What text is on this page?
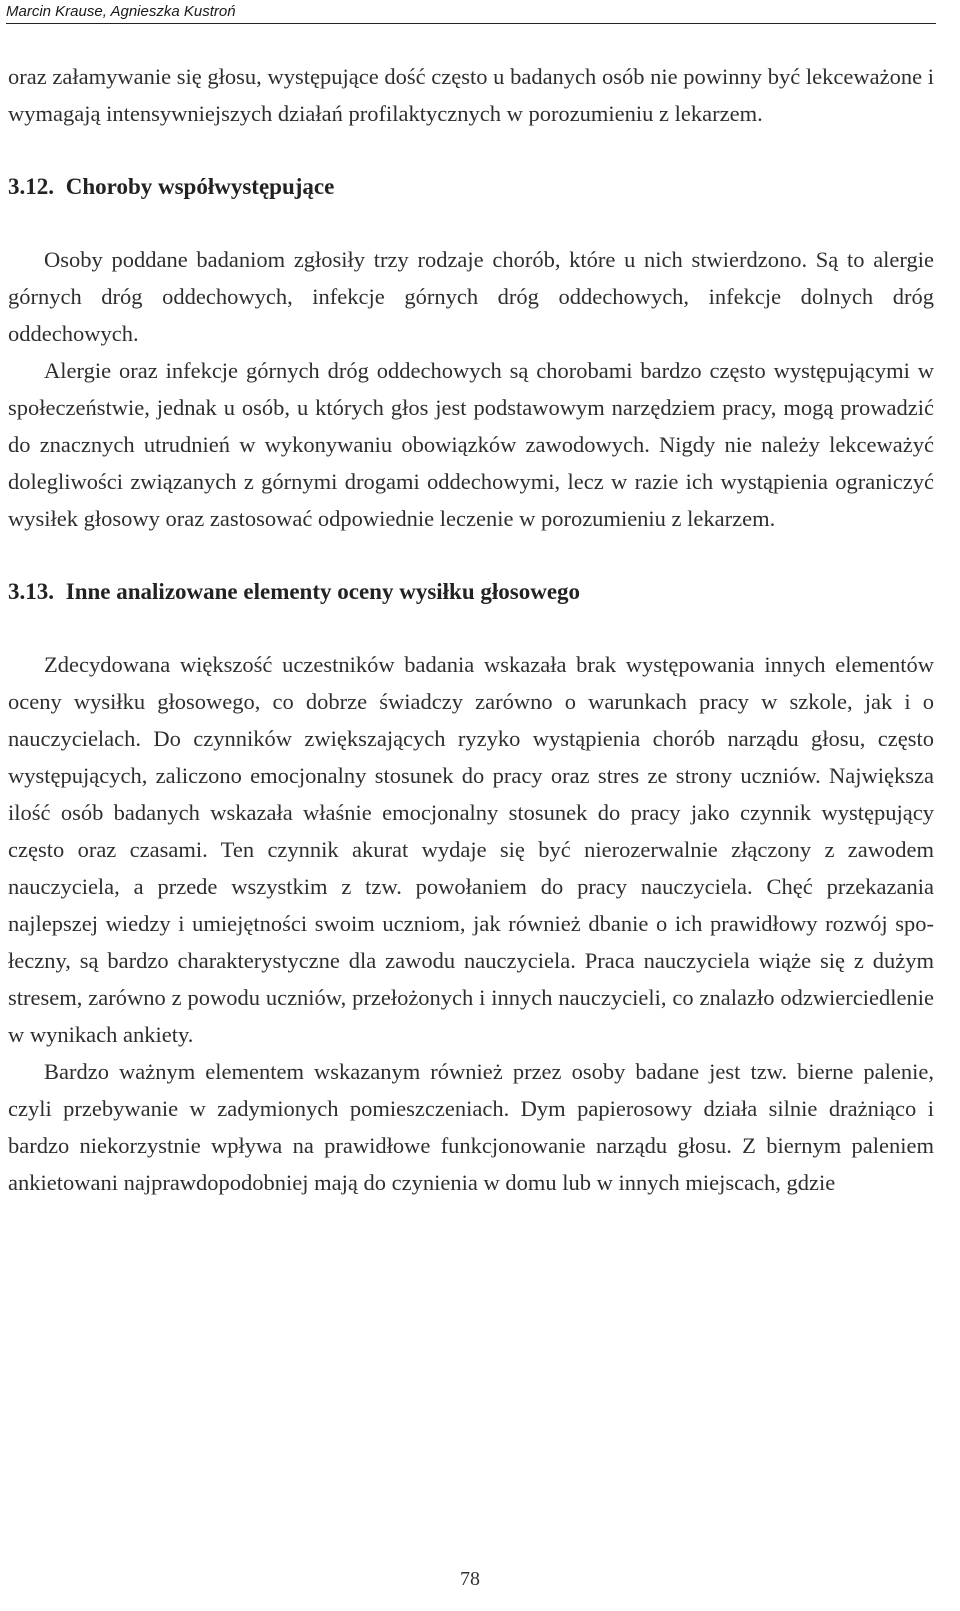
Marcin Krause, Agnieszka Kustroń

oraz załamywanie się głosu, występujące dość często u badanych osób nie powinny być lekceważone i wymagają intensywniejszych działań profilaktycznych w porozumieniu z lekarzem.

3.12. Choroby współwystępujące

Osoby poddane badaniom zgłosiły trzy rodzaje chorób, które u nich stwierdzono. Są to alergie górnych dróg oddechowych, infekcje górnych dróg oddechowych, infekcje dolnych dróg oddechowych.

Alergie oraz infekcje górnych dróg oddechowych są chorobami bardzo często występującymi w społeczeństwie, jednak u osób, u których głos jest podstawowym narzędziem pracy, mogą prowadzić do znacznych utrudnień w wykonywaniu obowiązków zawodowych. Nigdy nie należy lekceważyć dolegliwości związanych z górnymi drogami oddechowymi, lecz w razie ich wystąpienia ograniczyć wysiłek głosowy oraz zastosować odpowiednie leczenie w porozumieniu z lekarzem.

3.13. Inne analizowane elementy oceny wysiłku głosowego

Zdecydowana większość uczestników badania wskazała brak występowania innych elementów oceny wysiłku głosowego, co dobrze świadczy zarówno o warunkach pracy w szkole, jak i o nauczycielach. Do czynników zwiększających ryzyko wystąpienia chorób narządu głosu, często występujących, zaliczono emocjonalny stosunek do pracy oraz stres ze strony uczniów. Największa ilość osób badanych wskazała właśnie emocjonalny stosunek do pracy jako czynnik występujący często oraz czasami. Ten czynnik akurat wydaje się być nierozerwalnie złączony z zawodem nauczyciela, a przede wszystkim z tzw. powołaniem do pracy nauczyciela. Chęć przekazania najlepszej wiedzy i umiejętności swoim uczniom, jak również dbanie o ich prawidłowy rozwój społeczny, są bardzo charakterystyczne dla zawodu nauczyciela. Praca nauczyciela wiąże się z dużym stresem, zarówno z powodu uczniów, przełożonych i innych nauczycieli, co znalazło odzwierciedlenie w wynikach ankiety.

Bardzo ważnym elementem wskazanym również przez osoby badane jest tzw. bierne palenie, czyli przebywanie w zadymionych pomieszczeniach. Dym papierosowy działa silnie drażniąco i bardzo niekorzystnie wpływa na prawidłowe funkcjonowanie narządu głosu. Z biernym paleniem ankietowani najprawdopodobniej mają do czynienia w domu lub w innych miejscach, gdzie

78
